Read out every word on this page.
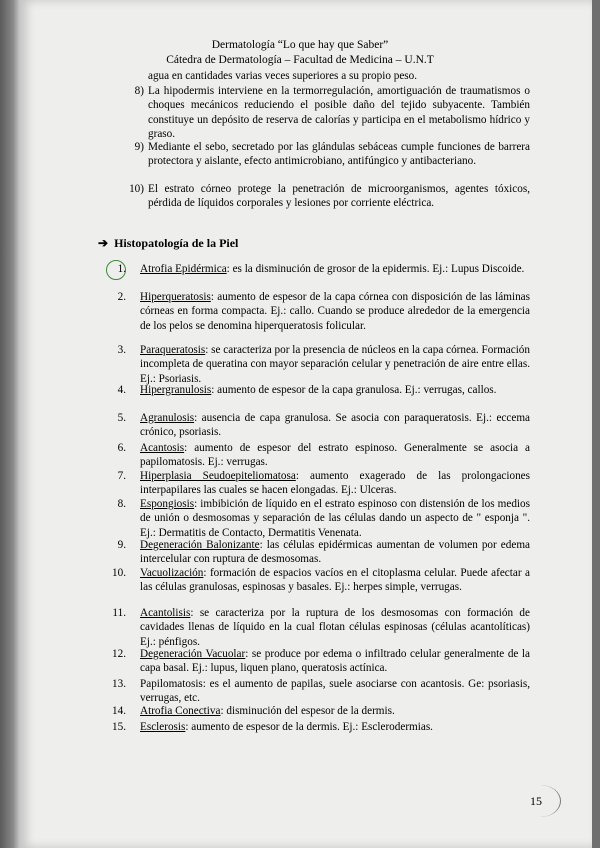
Dermatología “Lo que hay que Saber”
Cátedra de Dermatología – Facultad de Medicina – U.N.T
agua en cantidades varias veces superiores a su propio peso.
8) La hipodermis interviene en la termorregulación, amortiguación de traumatismos o choques mecánicos reduciendo el posible daño del tejido subyacente. También constituye un depósito de reserva de calorías y participa en el metabolismo hídrico y graso.
9) Mediante el sebo, secretado por las glándulas sebáceas cumple funciones de barrera protectora y aislante, efecto antimicrobiano, antifúngico y antibacteriano.
10) El estrato córneo protege la penetración de microorganismos, agentes tóxicos, pérdida de líquidos corporales y lesiones por corriente eléctrica.
➔ Histopatología de la Piel
1. Atrofia Epidérmica: es la disminución de grosor de la epidermis. Ej.: Lupus Discoide.
2. Hiperqueratosis: aumento de espesor de la capa córnea con disposición de las láminas córneas en forma compacta. Ej.: callo. Cuando se produce alrededor de la emergencia de los pelos se denomina hiperqueratosis folicular.
3. Paraqueratosis: se caracteriza por la presencia de núcleos en la capa córnea. Formación incompleta de queratina con mayor separación celular y penetración de aire entre ellas. Ej.: Psoriasis.
4. Hipergranulosis: aumento de espesor de la capa granulosa. Ej.: verrugas, callos.
5. Agranulosis: ausencia de capa granulosa. Se asocia con paraqueratosis. Ej.: eccema crónico, psoriasis.
6. Acantosis: aumento de espesor del estrato espinoso. Generalmente se asocia a papilomatosis. Ej.: verrugas.
7. Hiperplasia Seudoepiteliomatosa: aumento exagerado de las prolongaciones interpapilares las cuales se hacen elongadas. Ej.: Ulceras.
8. Espongiosis: imbibición de líquido en el estrato espinoso con distensión de los medios de unión o desmosomas y separación de las células dando un aspecto de " esponja ". Ej.: Dermatitis de Contacto, Dermatitis Venenata.
9. Degeneración Balonizante: las células epidérmicas aumentan de volumen por edema intercelular con ruptura de desmosomas.
10. Vacuolización: formación de espacios vacíos en el citoplasma celular. Puede afectar a las células granulosas, espinosas y basales. Ej.: herpes simple, verrugas.
11. Acantolisis: se caracteriza por la ruptura de los desmosomas con formación de cavidades llenas de líquido en la cual flotan células espinosas (células acantolíticas) Ej.: pénfigos.
12. Degeneración Vacuolar: se produce por edema o infiltrado celular generalmente de la capa basal. Ej.: lupus, liquen plano, queratosis actínica.
13. Papilomatosis: es el aumento de papilas, suele asociarse con acantosis. Ge: psoriasis, verrugas, etc.
14. Atrofia Conectiva: disminución del espesor de la dermis.
15. Esclerosis: aumento de espesor de la dermis. Ej.: Esclerodermias.
15
